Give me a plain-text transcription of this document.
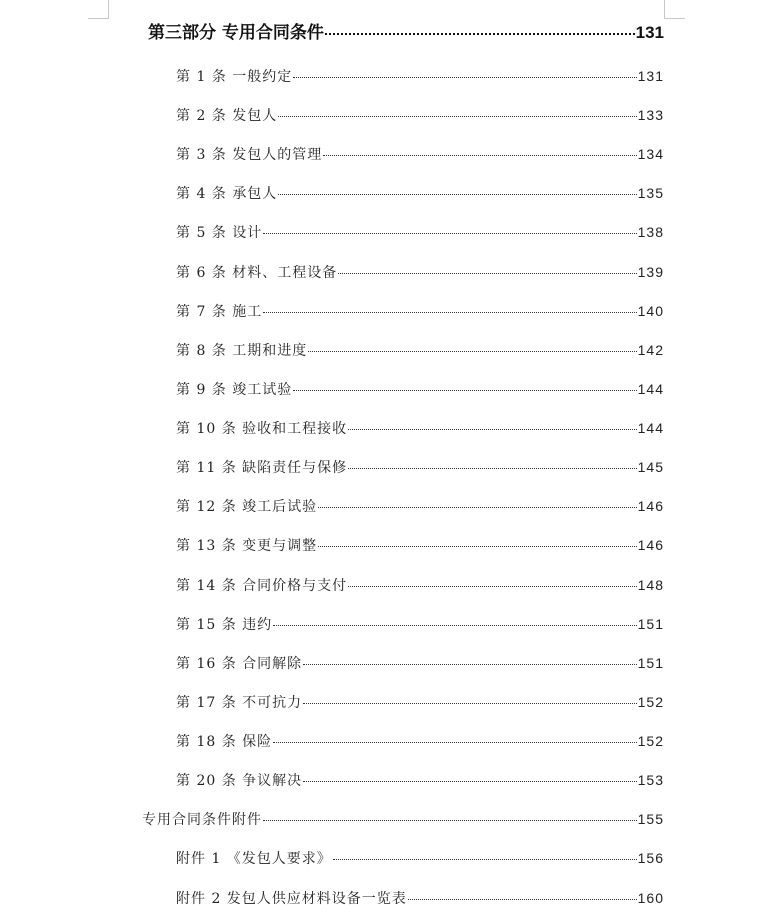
第三部分 专用合同条件	131
第 1 条 一般约定	131
第 2 条 发包人	133
第 3 条 发包人的管理	134
第 4 条 承包人	135
第 5 条 设计	138
第 6 条 材料、工程设备	139
第 7 条 施工	140
第 8 条 工期和进度	142
第 9 条 竣工试验	144
第 10 条 验收和工程接收	144
第 11 条 缺陷责任与保修	145
第 12 条 竣工后试验	146
第 13 条 变更与调整	146
第 14 条 合同价格与支付	148
第 15 条 违约	151
第 16 条 合同解除	151
第 17 条 不可抗力	152
第 18 条 保险	152
第 20 条 争议解决	153
专用合同条件附件	155
附件 1 《发包人要求》	156
附件 2 发包人供应材料设备一览表	160
